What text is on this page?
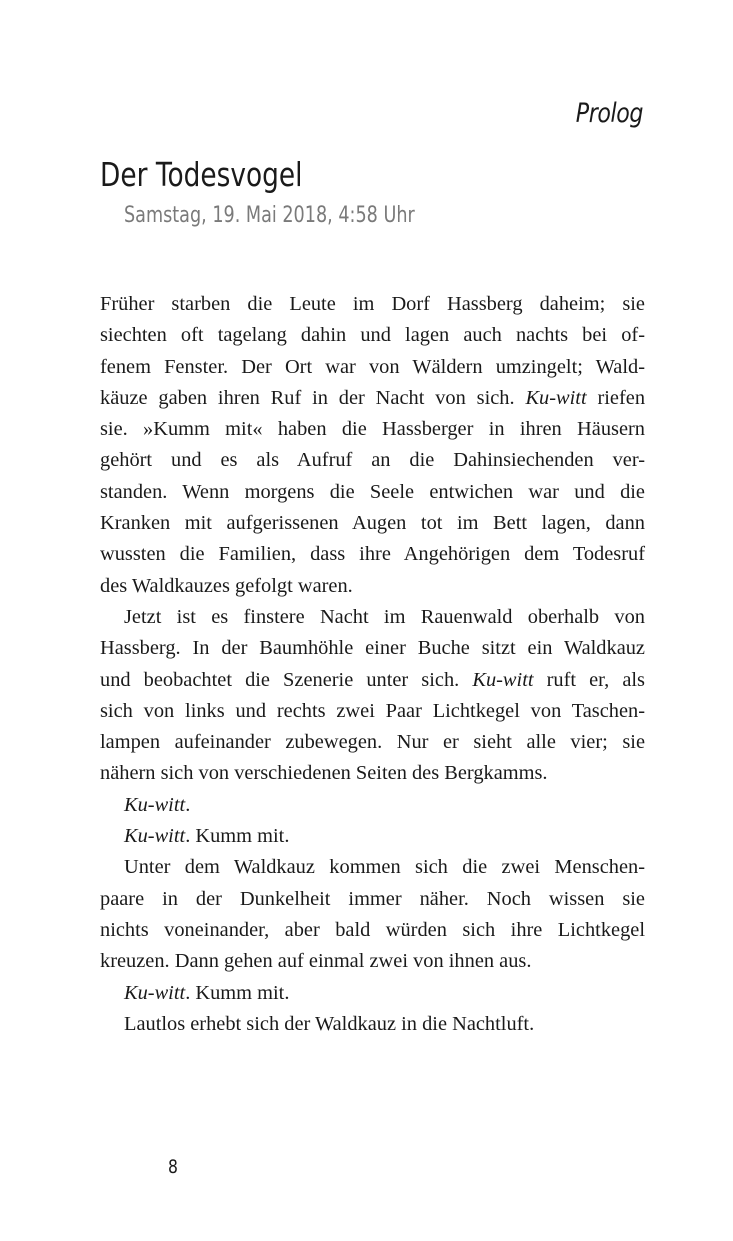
Prolog
Der Todesvogel
Samstag, 19. Mai 2018, 4:58 Uhr
Früher starben die Leute im Dorf Hassberg daheim; sie
siechten oft tagelang dahin und lagen auch nachts bei of-
fenem Fenster. Der Ort war von Wäldern umzingelt; Wald-
käuze gaben ihren Ruf in der Nacht von sich. Ku-witt riefen
sie. »Kumm mit« haben die Hassberger in ihren Häusern
gehört und es als Aufruf an die Dahinsiechenden ver-
standen. Wenn morgens die Seele entwichen war und die
Kranken mit aufgerissenen Augen tot im Bett lagen, dann
wussten die Familien, dass ihre Angehörigen dem Todesruf
des Waldkauzes gefolgt waren.
Jetzt ist es finstere Nacht im Rauenwald oberhalb von
Hassberg. In der Baumhöhle einer Buche sitzt ein Waldkauz
und beobachtet die Szenerie unter sich. Ku-witt ruft er, als
sich von links und rechts zwei Paar Lichtkegel von Taschen-
lampen aufeinander zubewegen. Nur er sieht alle vier; sie
nähern sich von verschiedenen Seiten des Bergkamms.
Ku-witt.
Ku-witt. Kumm mit.
Unter dem Waldkauz kommen sich die zwei Menschen-
paare in der Dunkelheit immer näher. Noch wissen sie
nichts voneinander, aber bald würden sich ihre Lichtkegel
kreuzen. Dann gehen auf einmal zwei von ihnen aus.
Ku-witt. Kumm mit.
Lautlos erhebt sich der Waldkauz in die Nachtluft.
8
